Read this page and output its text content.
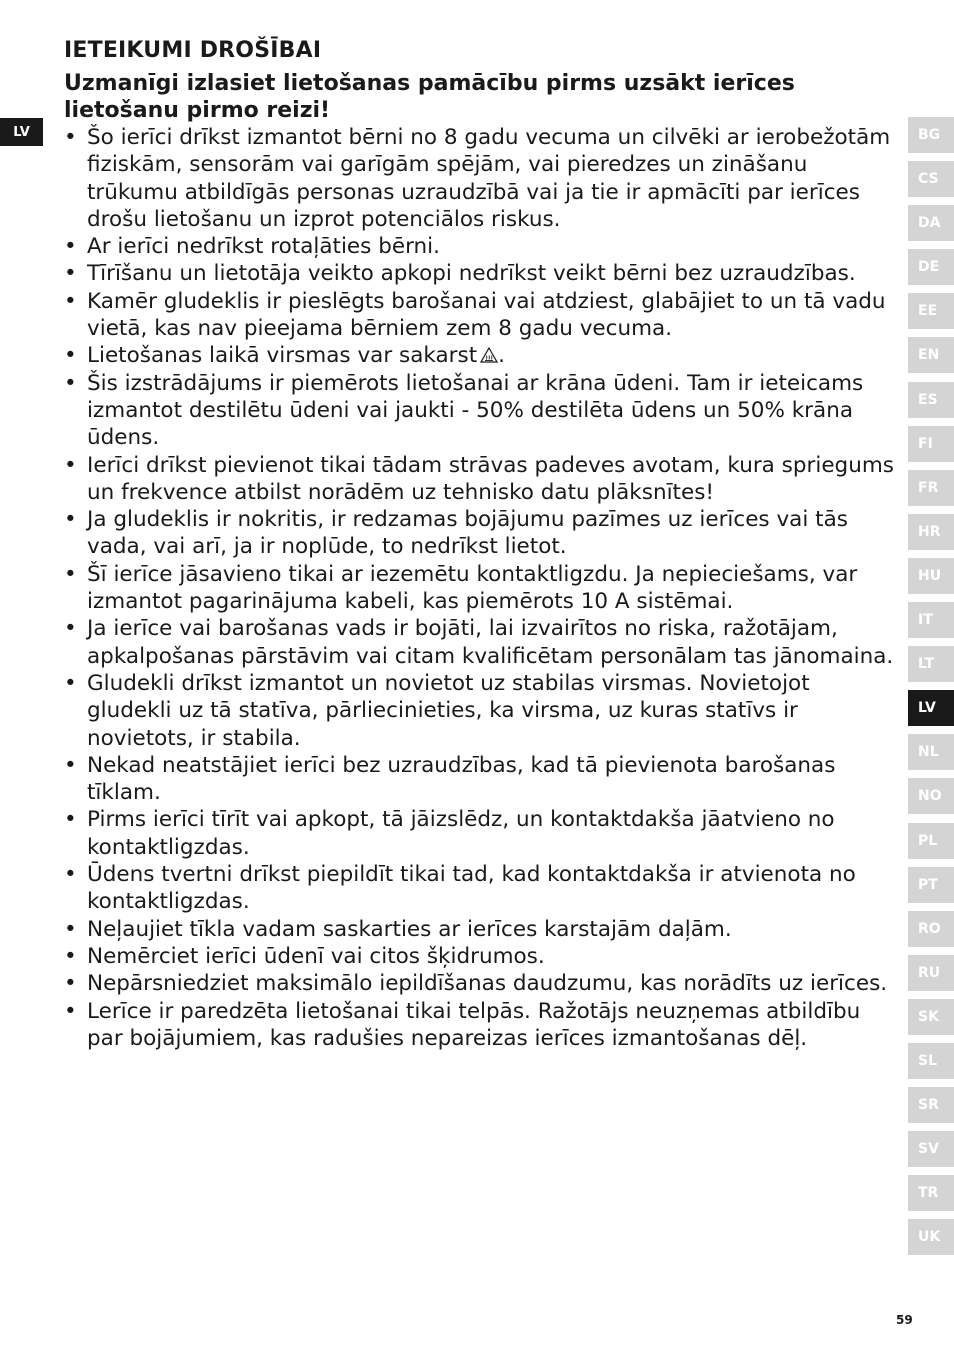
LV
IETEIKUMI DROŠĪBAI

Uzmanīgi izlasiet lietošanas pamācību pirms uzsākt ierīces lietošanu pirmo reizi!

• Šo ierīci drīkst izmantot bērni no 8 gadu vecuma un cilvēki ar ierobežotām fiziskām, sensorām vai garīgām spējām, vai pieredzes un zināšanu trūkumu atbildīgās personas uzraudzībā vai ja tie ir apmācīti par ierīces drošu lietošanu un izprot potenciālos riskus.
• Ar ierīci nedrīkst rotaļāties bērni.
• Tīrīšanu un lietotāja veikto apkopi nedrīkst veikt bērni bez uzraudzības.
• Kamēr gludeklis ir pieslēgts barošanai vai atdziest, glabājiet to un tā vadu vietā, kas nav pieejama bērniem zem 8 gadu vecuma.
• Lietošanas laikā virsmas var sakarst .
• Šis izstrādājums ir piemērots lietošanai ar krāna ūdeni. Tam ir ieteicams izmantot destilētu ūdeni vai jaukti - 50% destilēta ūdens un 50% krāna ūdens.
• Ierīci drīkst pievienot tikai tādam strāvas padeves avotam, kura spriegums un frekvence atbilst norādēm uz tehnisko datu plāksnītes!
• Ja gludeklis ir nokritis, ir redzamas bojājumu pazīmes uz ierīces vai tās vada, vai arī, ja ir noplūde, to nedrīkst lietot.
• Šī ierīce jāsavieno tikai ar iezemētu kontaktligzdu. Ja nepieciešams, var izmantot pagarinājuma kabeli, kas piemērots 10 A sistēmai.
• Ja ierīce vai barošanas vads ir bojāti, lai izvairītos no riska, ražotājam, apkalpošanas pārstāvim vai citam kvalificētam personālam tas jānomaina.
• Gludekli drīkst izmantot un novietot uz stabilas virsmas. Novietojot gludekli uz tā statīva, pārliecinieties, ka virsma, uz kuras statīvs ir novietots, ir stabila.
• Nekad neatstājiet ierīci bez uzraudzības, kad tā pievienota barošanas tīklam.
• Pirms ierīci tīrīt vai apkopt, tā jāizslēdz, un kontaktdakša jāatvieno no kontaktligzdas.
• Ūdens tvertni drīkst piepildīt tikai tad, kad kontaktdakša ir atvienota no kontaktligzdas.
• Neļaujiet tīkla vadam saskarties ar ierīces karstajām daļām.
• Nemērciet ierīci ūdenī vai citos šķidrumos.
• Nepārsniedziet maksimālo iepildīšanas daudzumu, kas norādīts uz ierīces.
• Lerīce ir paredzēta lietošanai tikai telpās. Ražotājs neuzņemas atbildību par bojājumiem, kas radušies nepareizas ierīces izmantošanas dēļ.
BG
CS
DA
DE
EE
EN
ES
FI
FR
HR
HU
IT
LT
LV
NL
NO
PL
PT
RO
RU
SK
SL
SR
SV
TR
UK
59
